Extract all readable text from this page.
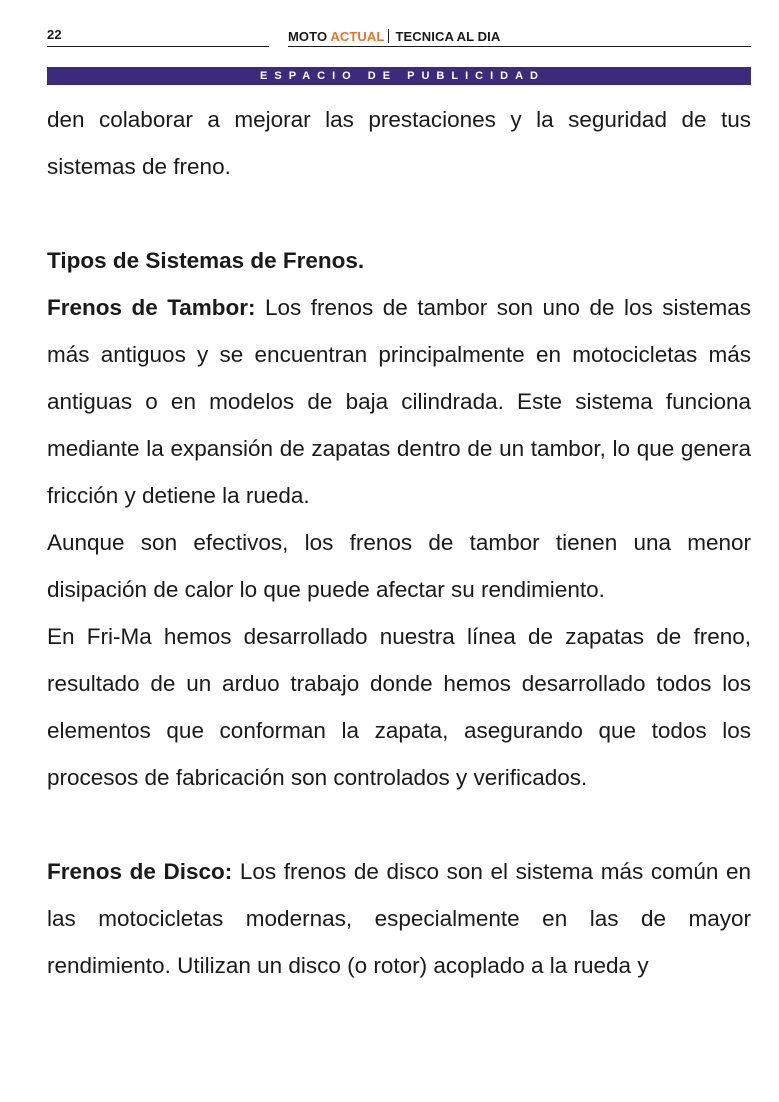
22	MOTO ACTUAL TECNICA AL DIA
ESPACIO DE PUBLICIDAD

den colaborar a mejorar las prestaciones y la seguridad de tus sistemas de freno.

Tipos de Sistemas de Frenos.

Frenos de Tambor: Los frenos de tambor son uno de los sistemas más antiguos y se encuentran principalmente en motocicletas más antiguas o en modelos de baja cilindrada. Este sistema funciona mediante la expansión de zapatas dentro de un tambor, lo que genera fricción y detiene la rueda.

Aunque son efectivos, los frenos de tambor tienen una menor disipación de calor lo que puede afectar su rendimiento.

En Fri-Ma hemos desarrollado nuestra línea de zapatas de freno, resultado de un arduo trabajo donde hemos desarrollado todos los elementos que conforman la zapata, asegurando que todos los procesos de fabricación son controlados y verificados.

Frenos de Disco: Los frenos de disco son el sistema más común en las motocicletas modernas, especialmente en las de mayor rendimiento. Utilizan un disco (o rotor) acoplado a la rueda y
